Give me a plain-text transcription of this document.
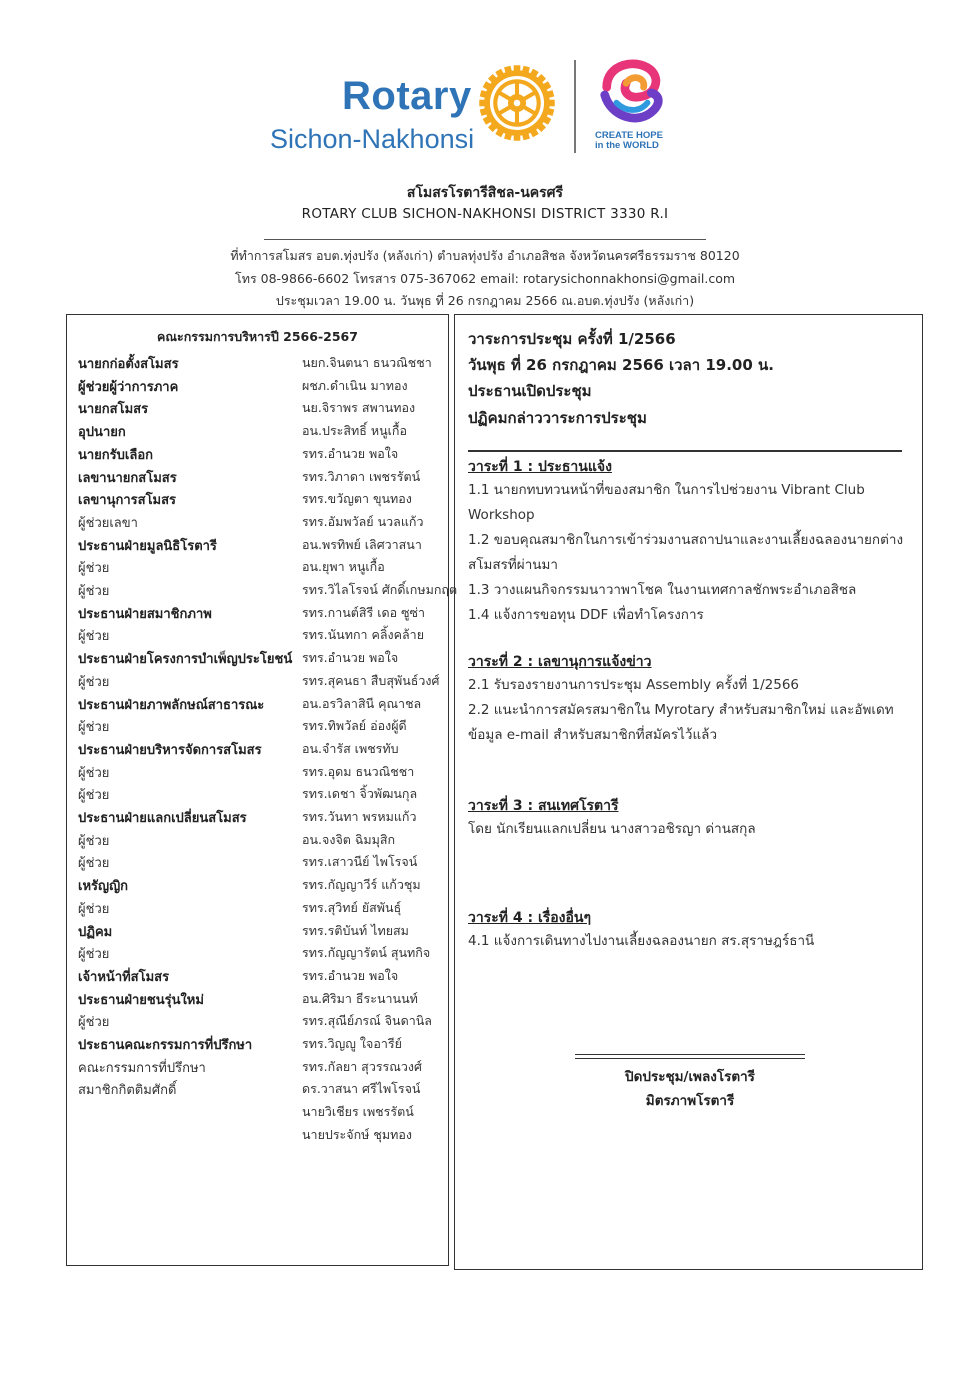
Rotary
Sichon-Nakhonsi	CREATE HOPE
in the WORLD
สโมสรโรตารีสิชล-นครศรี
ROTARY CLUB SICHON-NAKHONSI DISTRICT 3330 R.I
ที่ทำการสโมสร อบต.ทุ่งปรัง (หลังเก่า) ตำบลทุ่งปรัง อำเภอสิชล จังหวัดนครศรีธรรมราช 80120
โทร 08-9866-6602 โทรสาร 075-367062 email: rotarysichonnakhonsi@gmail.com
ประชุมเวลา 19.00 น. วันพุธ ที่ 26 กรกฎาคม 2566 ณ.อบต.ทุ่งปรัง (หลังเก่า)
คณะกรรมการบริหารปี 2566-2567
นายกก่อตั้งสโมสร	นยก.จินตนา ธนวณิชชา
ผู้ช่วยผู้ว่าการภาค	ผชภ.ดำเนิน มาทอง
นายกสโมสร	นย.จิราพร สพานทอง
อุปนายก	อน.ประสิทธิ์ หนูเกื้อ
นายกรับเลือก	รทร.อำนวย พอใจ
เลขานายกสโมสร	รทร.วิภาดา เพชรรัตน์
เลขานุการสโมสร	รทร.ขวัญตา ขุนทอง
ผู้ช่วยเลขา	รทร.อัมพวัลย์ นวลแก้ว
ประธานฝ่ายมูลนิธิโรตารี	อน.พรทิพย์ เลิศวาสนา
ผู้ช่วย	อน.ยุพา หนูเกื้อ
ผู้ช่วย	รทร.วิไลโรจน์ ศักดิ์เกษมกฤต
ประธานฝ่ายสมาชิกภาพ	รทร.กานต์สิรี เดอ ซูซ่า
ผู้ช่วย	รทร.นันทกา คลิ้งคล้าย
ประธานฝ่ายโครงการบำเพ็ญประโยชน์ รทร.อำนวย พอใจ
ผู้ช่วย	รทร.สุคนธา สืบสุพันธ์วงศ์
ประธานฝ่ายภาพลักษณ์สาธารณะ	อน.อรวิลาสินี คุณาชล
ผู้ช่วย	รทร.ทิพวัลย์ อ่องผู้ดี
ประธานฝ่ายบริหารจัดการสโมสร	อน.จำรัส เพชรทับ
ผู้ช่วย	รทร.อุดม ธนวณิชชา
ผู้ช่วย	รทร.เดชา จิ้วพัฒนกุล
ประธานฝ่ายแลกเปลี่ยนสโมสร	รทร.วันทา พรหมแก้ว
ผู้ช่วย	อน.จงจิต ฉิมมุสิก
ผู้ช่วย	รทร.เสาวนีย์ ไพโรจน์
เหรัญญิก	รทร.กัญญาวีร์ แก้วชุม
ผู้ช่วย	รทร.สุวิทย์ ยัสพันธุ์
ปฏิคม	รทร.รติบันท์ ไทยสม
ผู้ช่วย	รทร.กัญญารัตน์ สุนทกิจ
เจ้าหน้าที่สโมสร	รทร.อำนวย พอใจ
ประธานฝ่ายชนรุ่นใหม่	อน.ศิริมา ธีระนานนท์
ผู้ช่วย	รทร.สุณีย์ภรณ์ จินดานิล
ประธานคณะกรรมการที่ปรึกษา	รทร.วิญญู ใจอารีย์
คณะกรรมการที่ปรึกษา	รทร.กัลยา สุวรรณวงศ์
สมาชิกกิตติมศักดิ์	ดร.วาสนา ศรีไพโรจน์
นายวิเชียร เพชรรัตน์
นายประจักษ์ ชุมทอง
วาระการประชุม ครั้งที่ 1/2566
วันพุธ ที่ 26 กรกฎาคม 2566 เวลา 19.00 น.
ประธานเปิดประชุม
ปฏิคมกล่าววาระการประชุม
วาระที่ 1 : ประธานแจ้ง
1.1 นายกทบทวนหน้าที่ของสมาชิก ในการไปช่วยงาน Vibrant Club Workshop
1.2 ขอบคุณสมาชิกในการเข้าร่วมงานสถาปนาและงานเลี้ยงฉลองนายกต่างสโมสรที่ผ่านมา
1.3 วางแผนกิจกรรมนาวาพาโชค ในงานเทศกาลชักพระอำเภอสิชล
1.4 แจ้งการขอทุน DDF เพื่อทำโครงการ
วาระที่ 2 : เลขานุการแจ้งข่าว
2.1 รับรองรายงานการประชุม Assembly ครั้งที่ 1/2566
2.2 แนะนำการสมัครสมาชิกใน Myrotary สำหรับสมาชิกใหม่ และอัพเดทข้อมูล e-mail สำหรับสมาชิกที่สมัครไว้แล้ว
วาระที่ 3 : สนเทศโรตารี
โดย นักเรียนแลกเปลี่ยน นางสาวอชิรญา ด่านสกุล
วาระที่ 4 : เรื่องอื่นๆ
4.1 แจ้งการเดินทางไปงานเลี้ยงฉลองนายก สร.สุราษฎร์ธานี
ปิดประชุม/เพลงโรตารี
มิตรภาพโรตารี
